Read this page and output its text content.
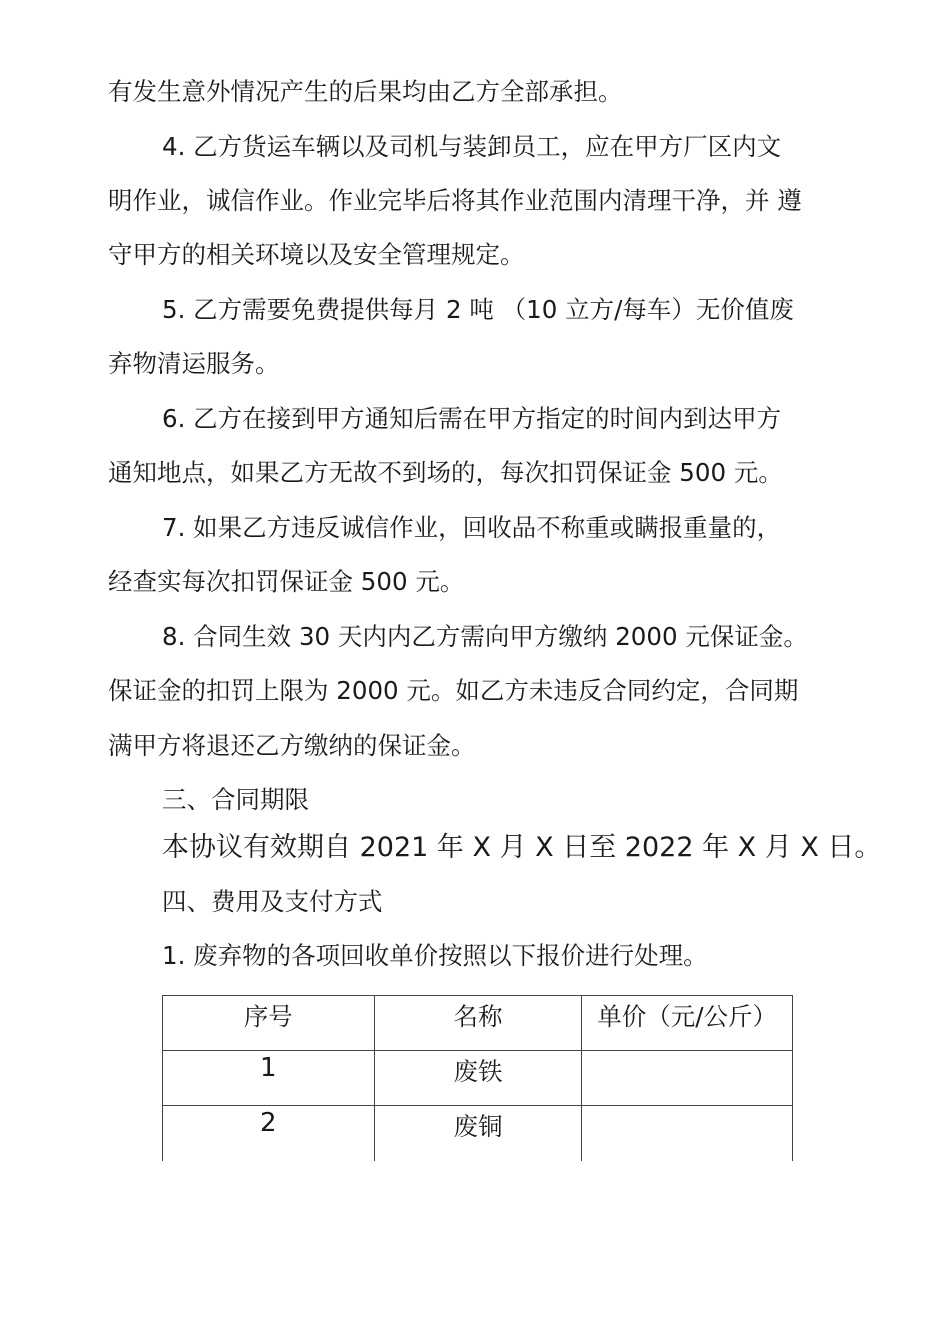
有发生意外情况产生的后果均由乙方全部承担。
4. 乙方货运车辆以及司机与装卸员工，应在甲方厂区内文
明作业，诚信作业。作业完毕后将其作业范围内清理干净，并 遵
守甲方的相关环境以及安全管理规定。
5. 乙方需要免费提供每月 2 吨 （10 立方/每车）无价值废
弃物清运服务。
6. 乙方在接到甲方通知后需在甲方指定的时间内到达甲方
通知地点，如果乙方无故不到场的，每次扣罚保证金 500 元。
7. 如果乙方违反诚信作业，回收品不称重或瞒报重量的，
经查实每次扣罚保证金 500 元。
8. 合同生效 30 天内内乙方需向甲方缴纳 2000 元保证金。
保证金的扣罚上限为 2000 元。如乙方未违反合同约定，合同期
满甲方将退还乙方缴纳的保证金。
三、合同期限
本协议有效期自 2021 年 X 月 X 日至 2022 年 X 月 X 日。
四、费用及支付方式
1. 废弃物的各项回收单价按照以下报价进行处理。
序号	名称	单价（元/公斤）
1	废铁	
2	废铜	
